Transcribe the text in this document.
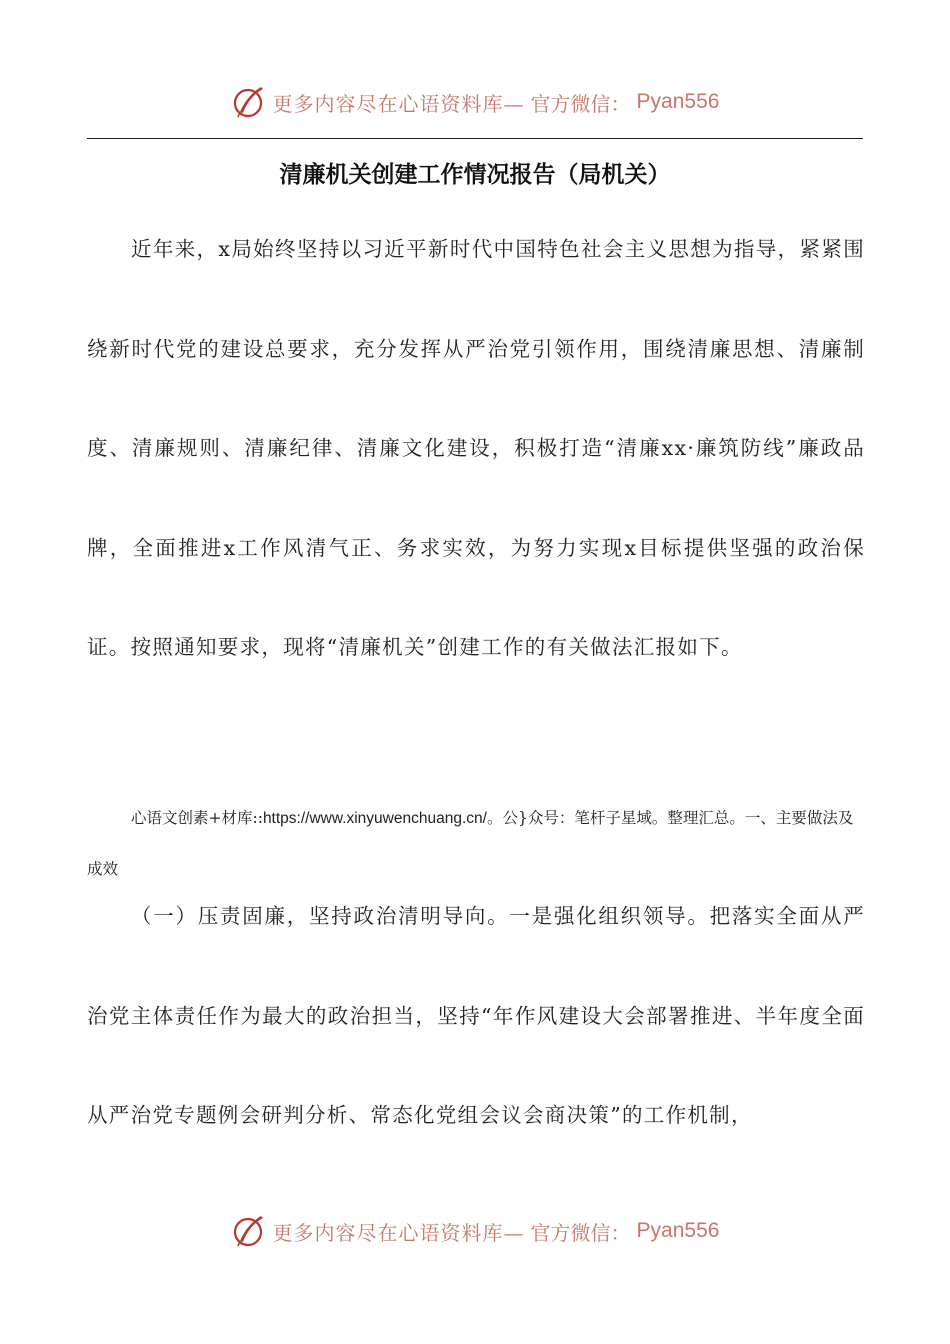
更多内容尽在心语资料库— 官方微信： Pyan556
清廉机关创建工作情况报告（局机关）

近年来，x局始终坚持以习近平新时代中国特色社会主义思想为指导，紧紧围绕新时代党的建设总要求，充分发挥从严治党引领作用，围绕清廉思想、清廉制度、清廉规则、清廉纪律、清廉文化建设，积极打造“清廉xx·廉筑防线”廉政品牌，全面推进x工作风清气正、务求实效，为努力实现x目标提供坚强的政治保证。按照通知要求，现将“清廉机关”创建工作的有关做法汇报如下。

心语文创素+材库::https://www.xinyuwenchuang.cn/。公}众号：笔杆子星域。整理汇总。一、主要做法及成效

（一）压责固廉，坚持政治清明导向。一是强化组织领导。把落实全面从严治党主体责任作为最大的政治担当，坚持“年作风建设大会部署推进、半年度全面从严治党专题例会研判分析、常态化党组会议会商决策”的工作机制，

更多内容尽在心语资料库— 官方微信： Pyan556
